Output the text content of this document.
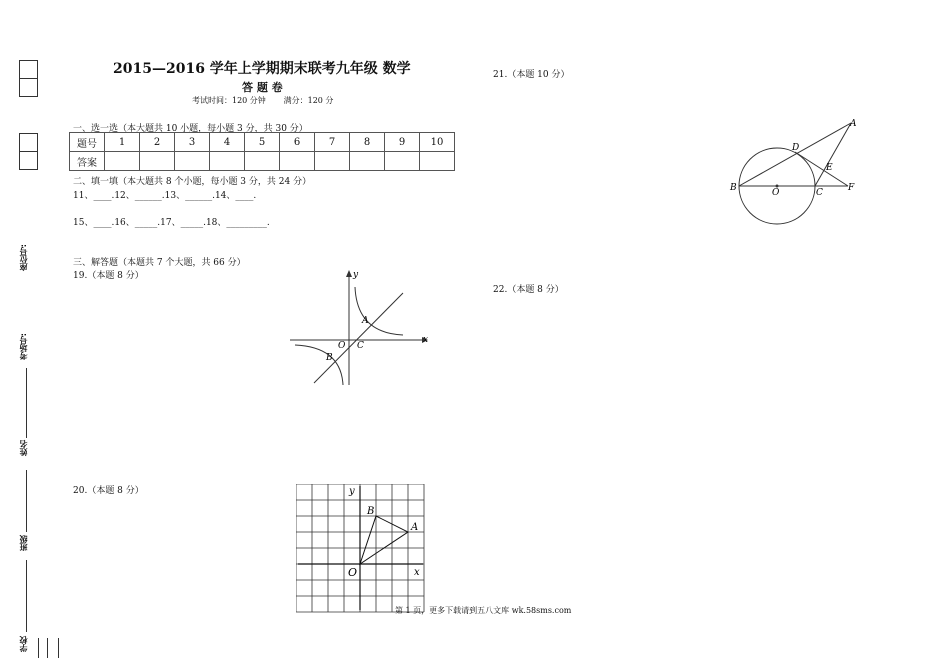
座位号:
考场号:
姓名
班级
学校
2015—2016 学年上学期期末联考九年级 数学
答 题 卷
考试时间：120 分钟       满分：120 分
一、选一选（本大题共 10 小题，每小题 3 分，共 30 分）
题号	1	2	3	4	5	6	7	8	9	10
答案										
二、填一填（本大题共 8 个小题，每小题 3 分，共 24 分）
11、____.12、______.13、______.14、____.
15、____.16、_____.17、_____.18、_________.
三、解答题（本题共 7 个大题，共 66 分）
19.（本题 8 分）
20.（本题 8 分）
21.（本题 10 分）
22.（本题 8 分）
y
x
A
O C
B
y
B
A
O	x
A
D
E
B	O	C	F
第 1 页，更多下载请到五八文库 wk.58sms.com
